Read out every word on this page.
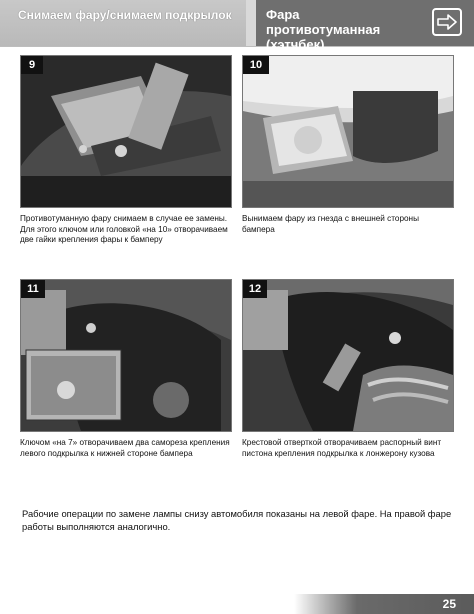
Снимаем фару/снимаем подкрылок	Фара противотуманная (хэтчбек)
9	10
Противотуманную фару снимаем в случае ее замены. Для этого ключом или головкой «на 10» отворачиваем две гайки крепления фары к бамперу
Вынимаем фару из гнезда с внешней стороны бампера
11	12
Ключом «на 7» отворачиваем два самореза крепления левого подкрылка к нижней стороне бампера
Крестовой отверткой отворачиваем распорный винт пистона крепления подкрылка к лонжерону кузова
Рабочие операции по замене лампы снизу автомобиля показаны на левой фаре. На правой фаре работы выполняются аналогично.
25
